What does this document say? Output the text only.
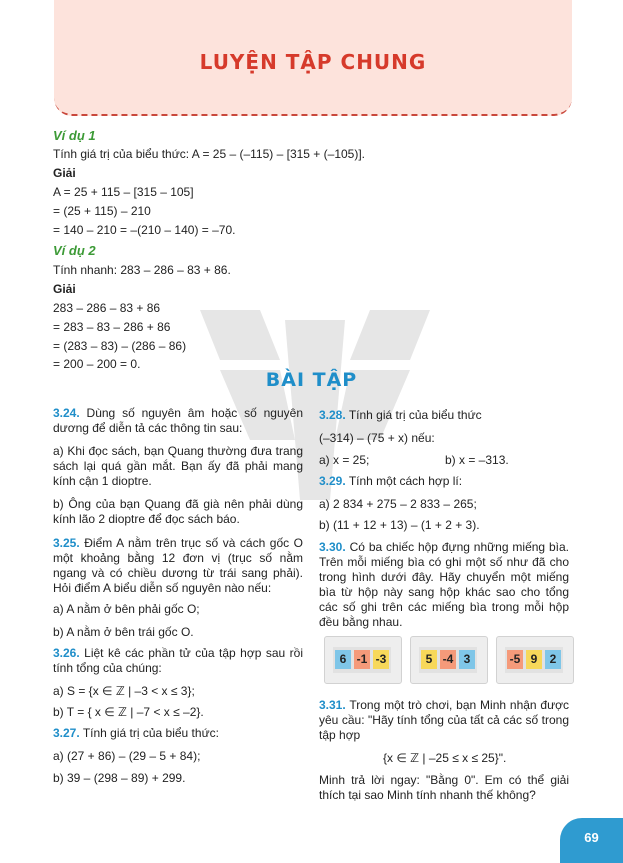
LUYỆN TẬP CHUNG
Ví dụ 1
Tính giá trị của biểu thức: A = 25 – (–115) – [315 + (–105)].
Giải
A = 25 + 115 – [315 – 105]
= (25 + 115) – 210
= 140 – 210 = –(210 – 140) = –70.
Ví dụ 2
Tính nhanh: 283 – 286 – 83 + 86.
Giải
283 – 286 – 83 + 86
= 283 – 83 – 286 + 86
= (283 – 83) – (286 – 86)
= 200 – 200 = 0.
BÀI TẬP
3.24. Dùng số nguyên âm hoặc số nguyên dương để diễn tả các thông tin sau:
a) Khi đọc sách, bạn Quang thường đưa trang sách lại quá gần mắt. Bạn ấy đã phải mang kính cận 1 dioptre.
b) Ông của bạn Quang đã già nên phải dùng kính lão 2 dioptre để đọc sách báo.
3.25. Điểm A nằm trên trục số và cách gốc O một khoảng bằng 12 đơn vị (trục số nằm ngang và có chiều dương từ trái sang phải). Hỏi điểm A biểu diễn số nguyên nào nếu:
a) A nằm ở bên phải gốc O;
b) A nằm ở bên trái gốc O.
3.26. Liệt kê các phần tử của tập hợp sau rồi tính tổng của chúng:
a) S = {x ∈ ℤ | –3 < x ≤ 3};
b) T = { x ∈ ℤ | –7 < x ≤ –2}.
3.27. Tính giá trị của biểu thức:
a) (27 + 86) – (29 – 5 + 84);
b) 39 – (298 – 89) + 299.
3.28. Tính giá trị của biểu thức
(–314) – (75 + x) nếu:
a) x = 25;	b) x = –313.
3.29. Tính một cách hợp lí:
a) 2 834 + 275 – 2 833 – 265;
b) (11 + 12 + 13) – (1 + 2 + 3).
3.30. Có ba chiếc hộp đựng những miếng bìa. Trên mỗi miếng bìa có ghi một số như đã cho trong hình dưới đây. Hãy chuyển một miếng bìa từ hộp này sang hộp khác sao cho tổng các số ghi trên các miếng bìa trong mỗi hộp đều bằng nhau.
6 -1 -3	5 -4 3	-5 9	2
3.31. Trong một trò chơi, bạn Minh nhận được yêu cầu: "Hãy tính tổng của tất cả các số trong tập hợp
{x ∈ ℤ | –25 ≤ x ≤ 25}".
Minh trả lời ngay: "Bằng 0". Em có thể giải thích tại sao Minh tính nhanh thế không?
69
